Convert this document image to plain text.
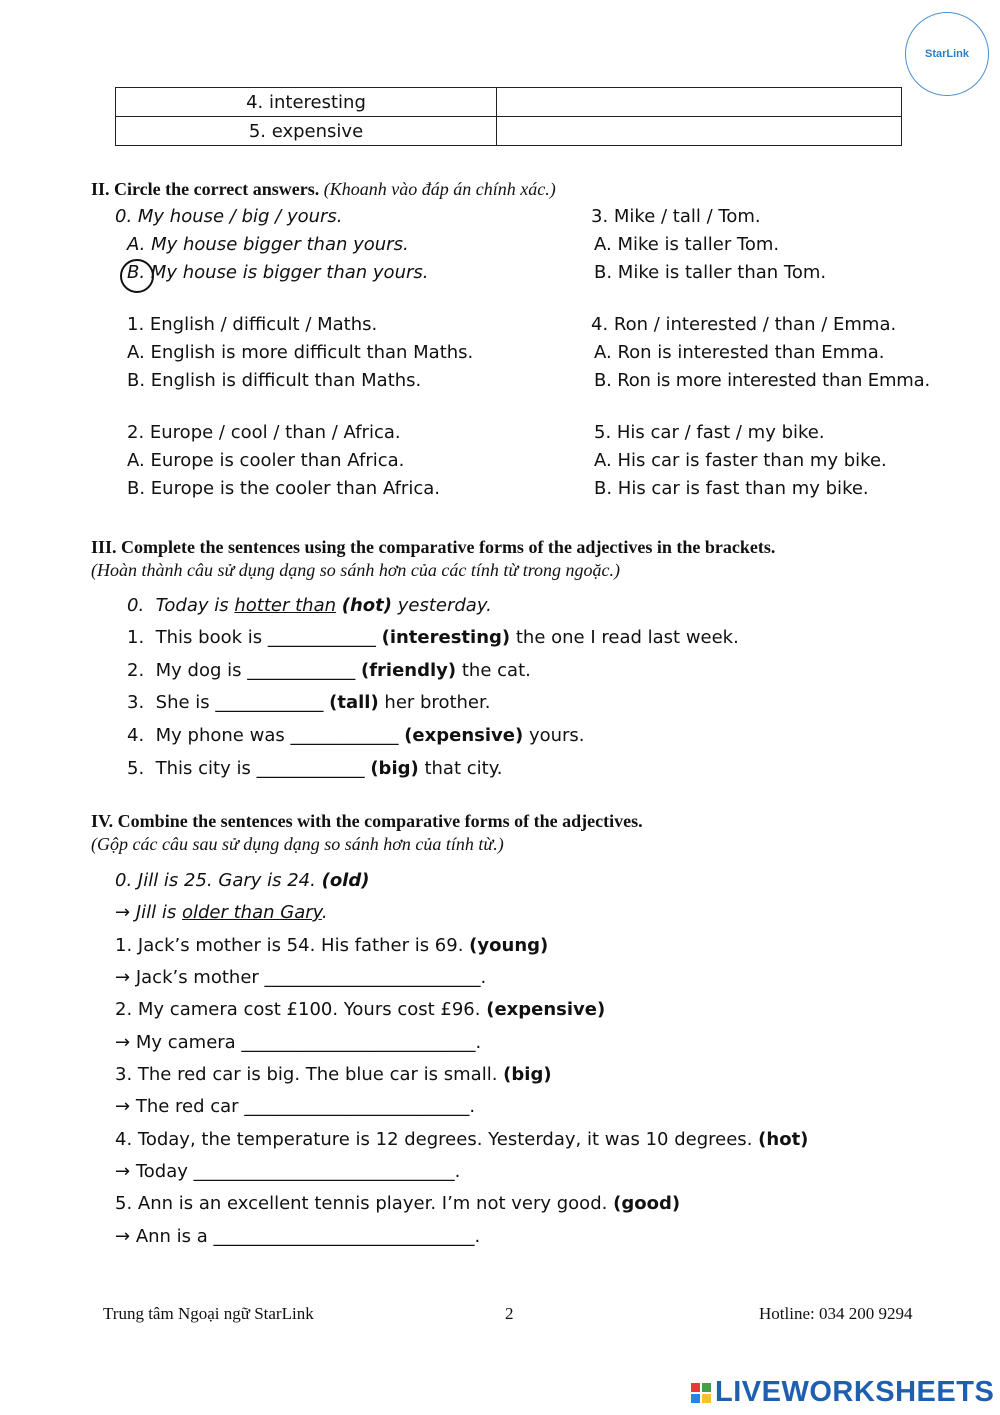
StarLink
4. interesting	
5. expensive	
II. Circle the correct answers. (Khoanh vào đáp án chính xác.)
0. My house / big / yours.
A. My house bigger than yours.
B. My house is bigger than yours.
1. English / difficult / Maths.
A. English is more difficult than Maths.
B. English is difficult than Maths.
2. Europe / cool / than / Africa.
A. Europe is cooler than Africa.
B. Europe is the cooler than Africa.
3. Mike / tall / Tom.
A. Mike is taller Tom.
B. Mike is taller than Tom.
4. Ron / interested / than / Emma.
A. Ron is interested than Emma.
B. Ron is more interested than Emma.
5. His car / fast / my bike.
A. His car is faster than my bike.
B. His car is fast than my bike.
III. Complete the sentences using the comparative forms of the adjectives in the brackets.
(Hoàn thành câu sử dụng dạng so sánh hơn của các tính từ trong ngoặc.)
0. Today is hotter than (hot) yesterday.
1. This book is ____________ (interesting) the one I read last week.
2. My dog is ____________ (friendly) the cat.
3. She is ____________ (tall) her brother.
4. My phone was ____________ (expensive) yours.
5. This city is ____________ (big) that city.
IV. Combine the sentences with the comparative forms of the adjectives.
(Gộp các câu sau sử dụng dạng so sánh hơn của tính từ.)
0. Jill is 25. Gary is 24. (old)
→ Jill is older than Gary.
1. Jack’s mother is 54. His father is 69. (young)
→ Jack’s mother ________________________.
2. My camera cost £100. Yours cost £96. (expensive)
→ My camera __________________________.
3. The red car is big. The blue car is small. (big)
→ The red car _________________________.
4. Today, the temperature is 12 degrees. Yesterday, it was 10 degrees. (hot)
→ Today _____________________________.
5. Ann is an excellent tennis player. I’m not very good. (good)
→ Ann is a _____________________________.
Trung tâm Ngoại ngữ StarLink	2	Hotline: 034 200 9294
LIVEWORKSHEETS
